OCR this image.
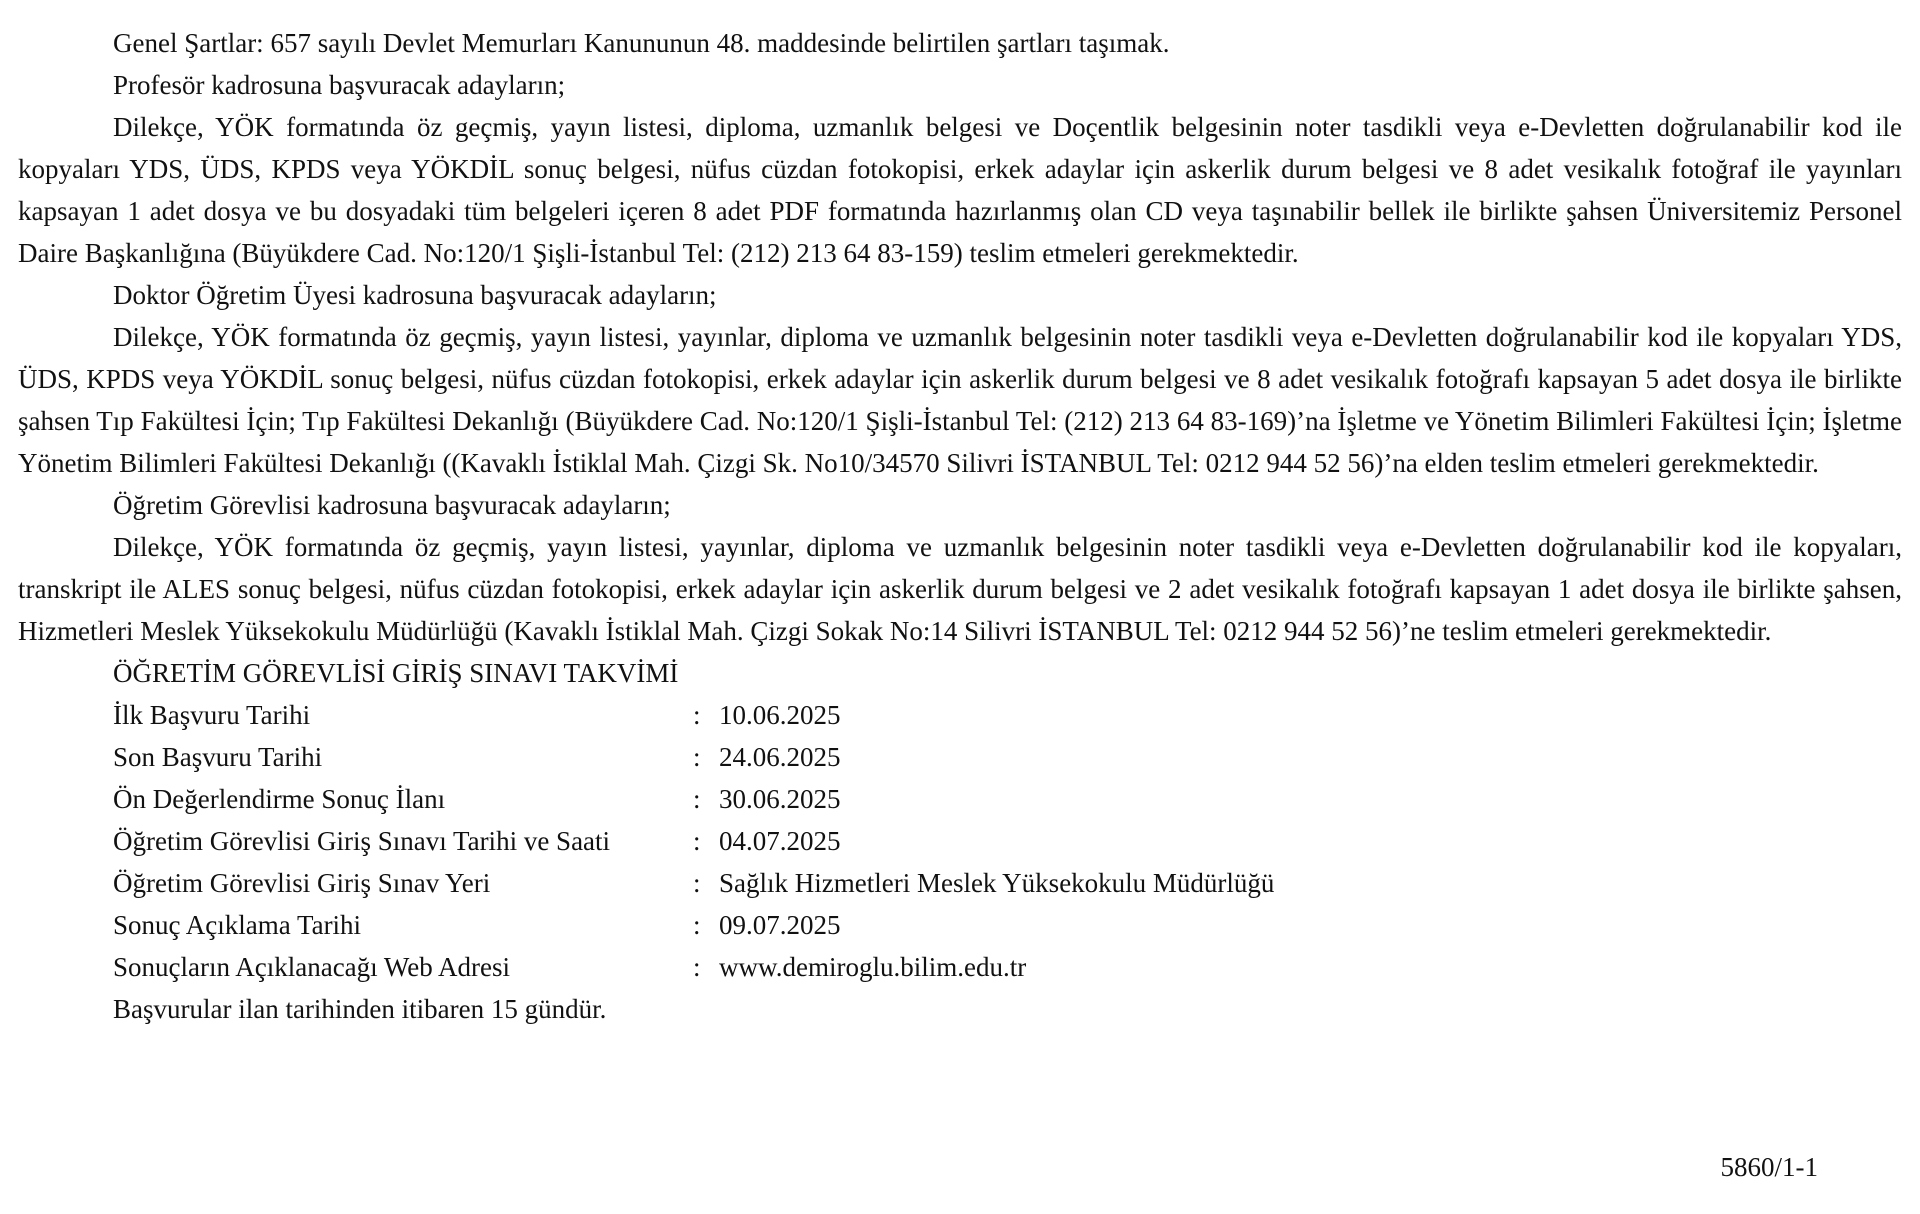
Genel Şartlar: 657 sayılı Devlet Memurları Kanununun 48. maddesinde belirtilen şartları taşımak.

Profesör kadrosuna başvuracak adayların;

Dilekçe, YÖK formatında öz geçmiş, yayın listesi, diploma, uzmanlık belgesi ve Doçentlik belgesinin noter tasdikli veya e-Devletten doğrulanabilir kod ile kopyaları YDS, ÜDS, KPDS veya YÖKDİL sonuç belgesi, nüfus cüzdan fotokopisi, erkek adaylar için askerlik durum belgesi ve 8 adet vesikalık fotoğraf ile yayınları kapsayan 1 adet dosya ve bu dosyadaki tüm belgeleri içeren 8 adet PDF formatında hazırlanmış olan CD veya taşınabilir bellek ile birlikte şahsen Üniversitemiz Personel Daire Başkanlığına (Büyükdere Cad. No:120/1 Şişli-İstanbul Tel: (212) 213 64 83-159) teslim etmeleri gerekmektedir.

Doktor Öğretim Üyesi kadrosuna başvuracak adayların;

Dilekçe, YÖK formatında öz geçmiş, yayın listesi, yayınlar, diploma ve uzmanlık belgesinin noter tasdikli veya e-Devletten doğrulanabilir kod ile kopyaları YDS, ÜDS, KPDS veya YÖKDİL sonuç belgesi, nüfus cüzdan fotokopisi, erkek adaylar için askerlik durum belgesi ve 8 adet vesikalık fotoğrafı kapsayan 5 adet dosya ile birlikte şahsen Tıp Fakültesi İçin; Tıp Fakültesi Dekanlığı (Büyükdere Cad. No:120/1 Şişli-İstanbul Tel: (212) 213 64 83-169)’na İşletme ve Yönetim Bilimleri Fakültesi İçin; İşletme Yönetim Bilimleri Fakültesi Dekanlığı ((Kavaklı İstiklal Mah. Çizgi Sk. No10/34570 Silivri İSTANBUL Tel: 0212 944 52 56)’na elden teslim etmeleri gerekmektedir.

Öğretim Görevlisi kadrosuna başvuracak adayların;

Dilekçe, YÖK formatında öz geçmiş, yayın listesi, yayınlar, diploma ve uzmanlık belgesinin noter tasdikli veya e-Devletten doğrulanabilir kod ile kopyaları, transkript ile ALES sonuç belgesi, nüfus cüzdan fotokopisi, erkek adaylar için askerlik durum belgesi ve 2 adet vesikalık fotoğrafı kapsayan 1 adet dosya ile birlikte şahsen, Hizmetleri Meslek Yüksekokulu Müdürlüğü (Kavaklı İstiklal Mah. Çizgi Sokak No:14 Silivri İSTANBUL Tel: 0212 944 52 56)’ne teslim etmeleri gerekmektedir.

ÖĞRETİM GÖREVLİSİ GİRİŞ SINAVI TAKVİMİ

İlk Başvuru Tarihi	: 10.06.2025
Son Başvuru Tarihi	: 24.06.2025
Ön Değerlendirme Sonuç İlanı	: 30.06.2025
Öğretim Görevlisi Giriş Sınavı Tarihi ve Saati	: 04.07.2025
Öğretim Görevlisi Giriş Sınav Yeri	: Sağlık Hizmetleri Meslek Yüksekokulu Müdürlüğü
Sonuç Açıklama Tarihi	: 09.07.2025
Sonuçların Açıklanacağı Web Adresi	: www.demiroglu.bilim.edu.tr

Başvurular ilan tarihinden itibaren 15 gündür.

5860/1-1
